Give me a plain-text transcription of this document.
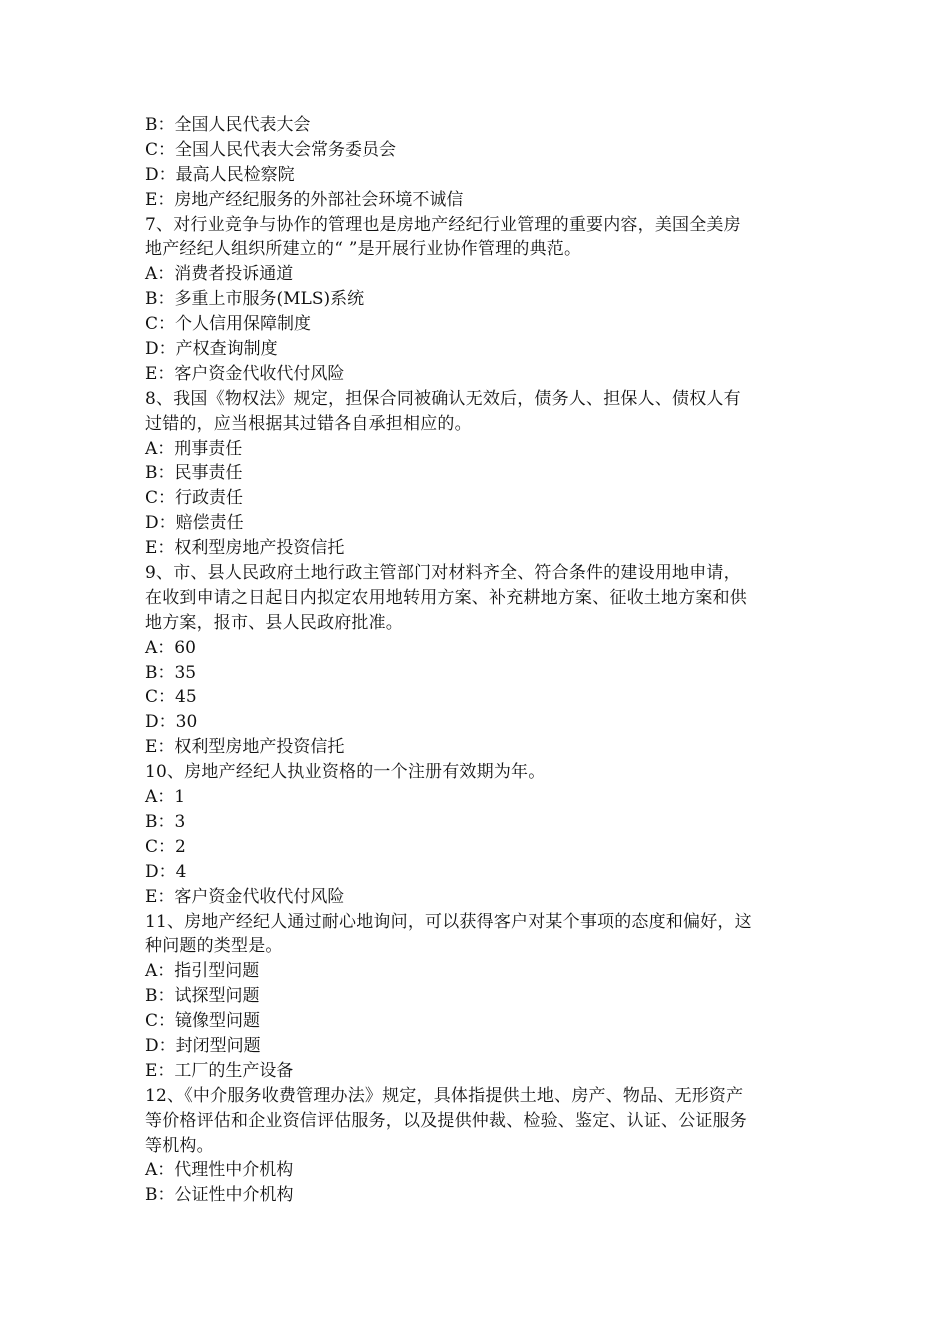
B：全国人民代表大会
C：全国人民代表大会常务委员会
D：最高人民检察院
E：房地产经纪服务的外部社会环境不诚信
7、对行业竞争与协作的管理也是房地产经纪行业管理的重要内容，美国全美房
地产经纪人组织所建立的“ ”是开展行业协作管理的典范。
A：消费者投诉通道
B：多重上市服务(MLS)系统
C：个人信用保障制度
D：产权查询制度
E：客户资金代收代付风险
8、我国《物权法》规定，担保合同被确认无效后，债务人、担保人、债权人有
过错的，应当根据其过错各自承担相应的。
A：刑事责任
B：民事责任
C：行政责任
D：赔偿责任
E：权利型房地产投资信托
9、市、县人民政府土地行政主管部门对材料齐全、符合条件的建设用地申请，
在收到申请之日起日内拟定农用地转用方案、补充耕地方案、征收土地方案和供
地方案，报市、县人民政府批准。
A：60
B：35
C：45
D：30
E：权利型房地产投资信托
10、房地产经纪人执业资格的一个注册有效期为年。
A：1
B：3
C：2
D：4
E：客户资金代收代付风险
11、房地产经纪人通过耐心地询问，可以获得客户对某个事项的态度和偏好，这
种问题的类型是。
A：指引型问题
B：试探型问题
C：镜像型问题
D：封闭型问题
E：工厂的生产设备
12、《中介服务收费管理办法》规定，具体指提供土地、房产、物品、无形资产
等价格评估和企业资信评估服务，以及提供仲裁、检验、鉴定、认证、公证服务
等机构。
A：代理性中介机构
B：公证性中介机构
